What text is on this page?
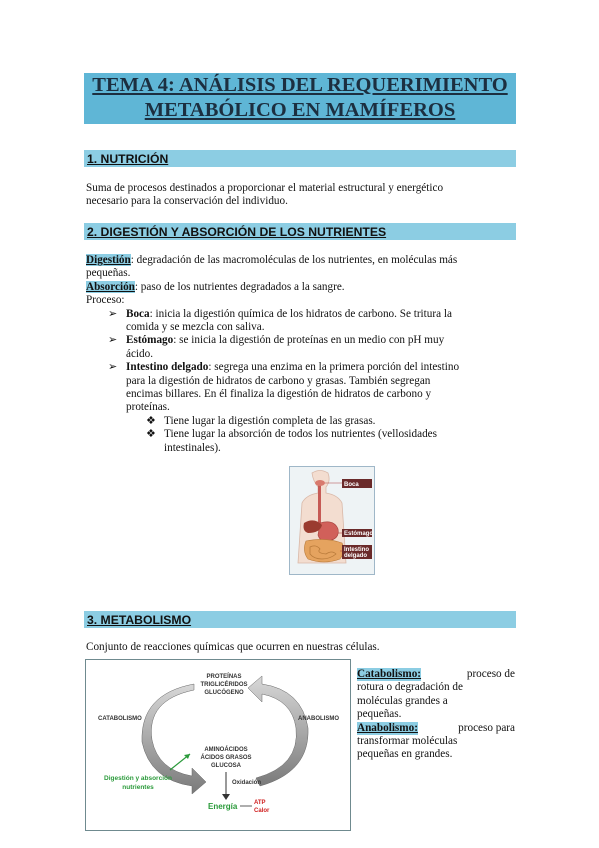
TEMA 4: ANÁLISIS DEL REQUERIMIENTO
METABÓLICO EN MAMÍFEROS
1. NUTRICIÓN
Suma de procesos destinados a proporcionar el material estructural y energético
necesario para la conservación del individuo.
2. DIGESTIÓN Y ABSORCIÓN DE LOS NUTRIENTES
Digestión: degradación de las macromoléculas de los nutrientes, en moléculas más
pequeñas.
Absorción: paso de los nutrientes degradados a la sangre.
Proceso:
➢ Boca: inicia la digestión química de los hidratos de carbono. Se tritura la
comida y se mezcla con saliva.
➢ Estómago: se inicia la digestión de proteínas en un medio con pH muy
ácido.
➢ Intestino delgado: segrega una enzima en la primera porción del intestino
para la digestión de hidratos de carbono y grasas. También segregan
encimas billares. En él finaliza la digestión de hidratos de carbono y
proteínas.
❖ Tiene lugar la digestión completa de las grasas.
❖ Tiene lugar la absorción de todos los nutrientes (vellosidades
intestinales).
Boca
Estómago
Intestino
delgado
3. METABOLISMO
Conjunto de reacciones químicas que ocurren en nuestras células.
PROTEÍNAS
TRIGLICÉRIDOS
GLUCÓGENO
CATABOLISMO	ANABOLISMO
AMINOÁCIDOS
ÁCIDOS GRASOS
GLUCOSA
Digestión y absorción
nutrientes
Oxidación
Energía	ATP
Calor
Catabolismo:	proceso de
rotura o degradación de
moléculas grandes a
pequeñas.
Anabolismo:	proceso para
transformar moléculas
pequeñas en grandes.
